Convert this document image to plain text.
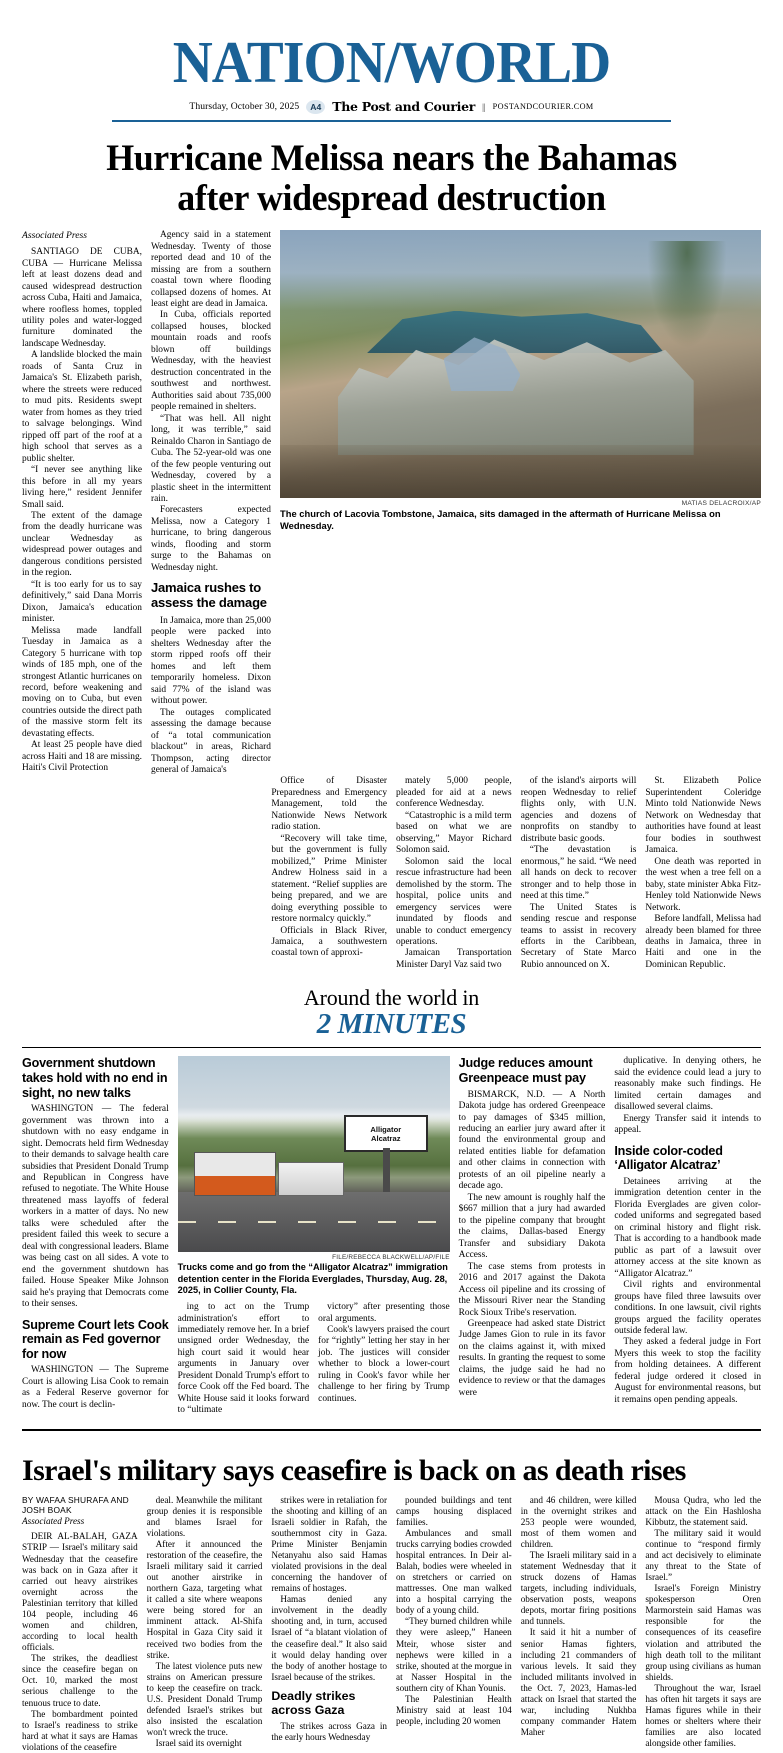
NATION/WORLD
Thursday, October 30, 2025	A4 The Post and Courier || POSTANDCOURIER.COM
Hurricane Melissa nears the Bahamas after widespread destruction
Associated Press

SANTIAGO DE CUBA, CUBA — Hurricane Melissa left at least dozens dead and caused widespread destruction across Cuba, Haiti and Jamaica, where roofless homes, toppled utility poles and water-logged furniture dominated the landscape Wednesday.

A landslide blocked the main roads of Santa Cruz in Jamaica's St. Elizabeth parish, where the streets were reduced to mud pits. Residents swept water from homes as they tried to salvage belongings. Wind ripped off part of the roof at a high school that serves as a public shelter.

“I never see anything like this before in all my years living here,” resident Jennifer Small said.

The extent of the damage from the deadly hurricane was unclear Wednesday as widespread power outages and dangerous conditions persisted in the region.

“It is too early for us to say definitively,” said Dana Morris Dixon, Jamaica's education minister.

Melissa made landfall Tuesday in Jamaica as a Category 5 hurricane with top winds of 185 mph, one of the strongest Atlantic hurricanes on record, before weakening and moving on to Cuba, but even countries outside the direct path of the massive storm felt its devastating effects.

At least 25 people have died across Haiti and 18 are missing. Haiti's Civil Protection

Agency said in a statement Wednesday. Twenty of those reported dead and 10 of the missing are from a southern coastal town where flooding collapsed dozens of homes. At least eight are dead in Jamaica.

In Cuba, officials reported collapsed houses, blocked mountain roads and roofs blown off buildings Wednesday, with the heaviest destruction concentrated in the southwest and northwest. Authorities said about 735,000 people remained in shelters.

“That was hell. All night long, it was terrible,” said Reinaldo Charon in Santiago de Cuba. The 52-year-old was one of the few people venturing out Wednesday, covered by a plastic sheet in the intermittent rain.

Forecasters expected Melissa, now a Category 1 hurricane, to bring dangerous winds, flooding and storm surge to the Bahamas on Wednesday night.

Jamaica rushes to assess the damage

In Jamaica, more than 25,000 people were packed into shelters Wednesday after the storm ripped roofs off their homes and left them temporarily homeless. Dixon said 77% of the island was without power.

The outages complicated assessing the damage because of “a total communication blackout” in areas, Richard Thompson, acting director general of Jamaica's

MATIAS DELACROIX/AP
The church of Lacovia Tombstone, Jamaica, sits damaged in the aftermath of Hurricane Melissa on Wednesday.

Office of Disaster Preparedness and Emergency Management, told the Nationwide News Network radio station.

“Recovery will take time, but the government is fully mobilized,” Prime Minister Andrew Holness said in a statement. “Relief supplies are being prepared, and we are doing everything possible to restore normalcy quickly.”

Officials in Black River, Jamaica, a southwestern coastal town of approxi-

mately 5,000 people, pleaded for aid at a news conference Wednesday.

“Catastrophic is a mild term based on what we are observing,” Mayor Richard Solomon said.

Solomon said the local rescue infrastructure had been demolished by the storm. The hospital, police units and emergency services were inundated by floods and unable to conduct emergency operations.

Jamaican Transportation Minister Daryl Vaz said two

of the island's airports will reopen Wednesday to relief flights only, with U.N. agencies and dozens of nonprofits on standby to distribute basic goods.

“The devastation is enormous,” he said. “We need all hands on deck to recover stronger and to help those in need at this time.”

The United States is sending rescue and response teams to assist in recovery efforts in the Caribbean, Secretary of State Marco Rubio announced on X.

St. Elizabeth Police Superintendent Coleridge Minto told Nationwide News Network on Wednesday that authorities have found at least four bodies in southwest Jamaica.

One death was reported in the west when a tree fell on a baby, state minister Abka Fitz-Henley told Nationwide News Network.

Before landfall, Melissa had already been blamed for three deaths in Jamaica, three in Haiti and one in the Dominican Republic.

Around the world in
2 MINUTES
Government shutdown takes hold with no end in sight, no new talks

WASHINGTON — The federal government was thrown into a shutdown with no easy endgame in sight. Democrats held firm Wednesday to their demands to salvage health care subsidies that President Donald Trump and Republican in Congress have refused to negotiate. The White House threatened mass layoffs of federal workers in a matter of days. No new talks were scheduled after the president failed this week to secure a deal with congressional leaders. Blame was being cast on all sides. A vote to end the government shutdown has failed. House Speaker Mike Johnson said he's praying that Democrats come to their senses.

Supreme Court lets Cook remain as Fed governor for now

WASHINGTON — The Supreme Court is allowing Lisa Cook to remain as a Federal Reserve governor for now. The court is declin-

Alligator
Alcatraz
FILE/REBECCA BLACKWELL/AP/FILE
Trucks come and go from the “Alligator Alcatraz” immigration detention center in the Florida Everglades, Thursday, Aug. 28, 2025, in Collier County, Fla.

ing to act on the Trump administration's effort to immediately remove her. In a brief unsigned order Wednesday, the high court said it would hear arguments in January over President Donald Trump's effort to force Cook off the Fed board. The White House said it looks forward to “ultimate

victory” after presenting those oral arguments.

Cook's lawyers praised the court for “rightly” letting her stay in her job. The justices will consider whether to block a lower-court ruling in Cook's favor while her challenge to her firing by Trump continues.

Judge reduces amount Greenpeace must pay

BISMARCK, N.D. — A North Dakota judge has ordered Greenpeace to pay damages of $345 million, reducing an earlier jury award after it found the environmental group and related entities liable for defamation and other claims in connection with protests of an oil pipeline nearly a decade ago.

The new amount is roughly half the $667 million that a jury had awarded to the pipeline company that brought the claims, Dallas-based Energy Transfer and subsidiary Dakota Access.

The case stems from protests in 2016 and 2017 against the Dakota Access oil pipeline and its crossing of the Missouri River near the Standing Rock Sioux Tribe's reservation.

Greenpeace had asked state District Judge James Gion to rule in its favor on the claims against it, with mixed results. In granting the request to some claims, the judge said he had no evidence to review or that the damages were

duplicative. In denying others, he said the evidence could lead a jury to reasonably make such findings. He limited certain damages and disallowed several claims.

Energy Transfer said it intends to appeal.

Inside color-coded ‘Alligator Alcatraz’

Detainees arriving at the immigration detention center in the Florida Everglades are given color-coded uniforms and segregated based on criminal history and flight risk. That is according to a handbook made public as part of a lawsuit over attorney access at the site known as “Alligator Alcatraz.”

Civil rights and environmental groups have filed three lawsuits over conditions. In one lawsuit, civil rights groups argued the facility operates outside federal law.

They asked a federal judge in Fort Myers this week to stop the facility from holding detainees. A different federal judge ordered it closed in August for environmental reasons, but it remains open pending appeals.

Israel's military says ceasefire is back on as death rises
BY WAFAA SHURAFA AND JOSH BOAK
Associated Press

DEIR AL-BALAH, GAZA STRIP — Israel's military said Wednesday that the ceasefire was back on in Gaza after it carried out heavy airstrikes overnight across the Palestinian territory that killed 104 people, including 46 women and children, according to local health officials.

The strikes, the deadliest since the ceasefire began on Oct. 10, marked the most serious challenge to the tenuous truce to date.

The bombardment pointed to Israel's readiness to strike hard at what it says are Hamas violations of the ceasefire

deal. Meanwhile the militant group denies it is responsible and blames Israel for violations.

After it announced the restoration of the ceasefire, the Israeli military said it carried out another airstrike in northern Gaza, targeting what it called a site where weapons were being stored for an imminent attack. Al-Shifa Hospital in Gaza City said it received two bodies from the strike.

The latest violence puts new strains on American pressure to keep the ceasefire on track. U.S. President Donald Trump defended Israel's strikes but also insisted the escalation won't wreck the truce.

Israel said its overnight

strikes were in retaliation for the shooting and killing of an Israeli soldier in Rafah, the southernmost city in Gaza. Prime Minister Benjamin Netanyahu also said Hamas violated provisions in the deal concerning the handover of remains of hostages.

Hamas denied any involvement in the deadly shooting and, in turn, accused Israel of “a blatant violation of the ceasefire deal.” It also said it would delay handing over the body of another hostage to Israel because of the strikes.

Deadly strikes across Gaza

The strikes across Gaza in the early hours Wednesday

pounded buildings and tent camps housing displaced families.

Ambulances and small trucks carrying bodies crowded hospital entrances. In Deir al-Balah, bodies were wheeled in on stretchers or carried on mattresses. One man walked into a hospital carrying the body of a young child.

“They burned children while they were asleep,” Haneen Mteir, whose sister and nephews were killed in a strike, shouted at the morgue in at Nasser Hospital in the southern city of Khan Younis.

The Palestinian Health Ministry said at least 104 people, including 20 women

and 46 children, were killed in the overnight strikes and 253 people were wounded, most of them women and children.

The Israeli military said in a statement Wednesday that it struck dozens of Hamas targets, including individuals, observation posts, weapons depots, mortar firing positions and tunnels.

It said it hit a number of senior Hamas fighters, including 21 commanders of various levels. It said they included militants involved in the Oct. 7, 2023, Hamas-led attack on Israel that started the war, including Nukhba company commander Hatem Maher

Mousa Qudra, who led the attack on the Ein Hashlosha Kibbutz, the statement said.

The military said it would continue to “respond firmly and act decisively to eliminate any threat to the State of Israel.”

Israel's Foreign Ministry spokesperson Oren Marmorstein said Hamas was responsible for the consequences of its ceasefire violation and attributed the high death toll to the militant group using civilians as human shields.

Throughout the war, Israel has often hit targets it says are Hamas figures while in their homes or shelters where their families are also located alongside other families.
